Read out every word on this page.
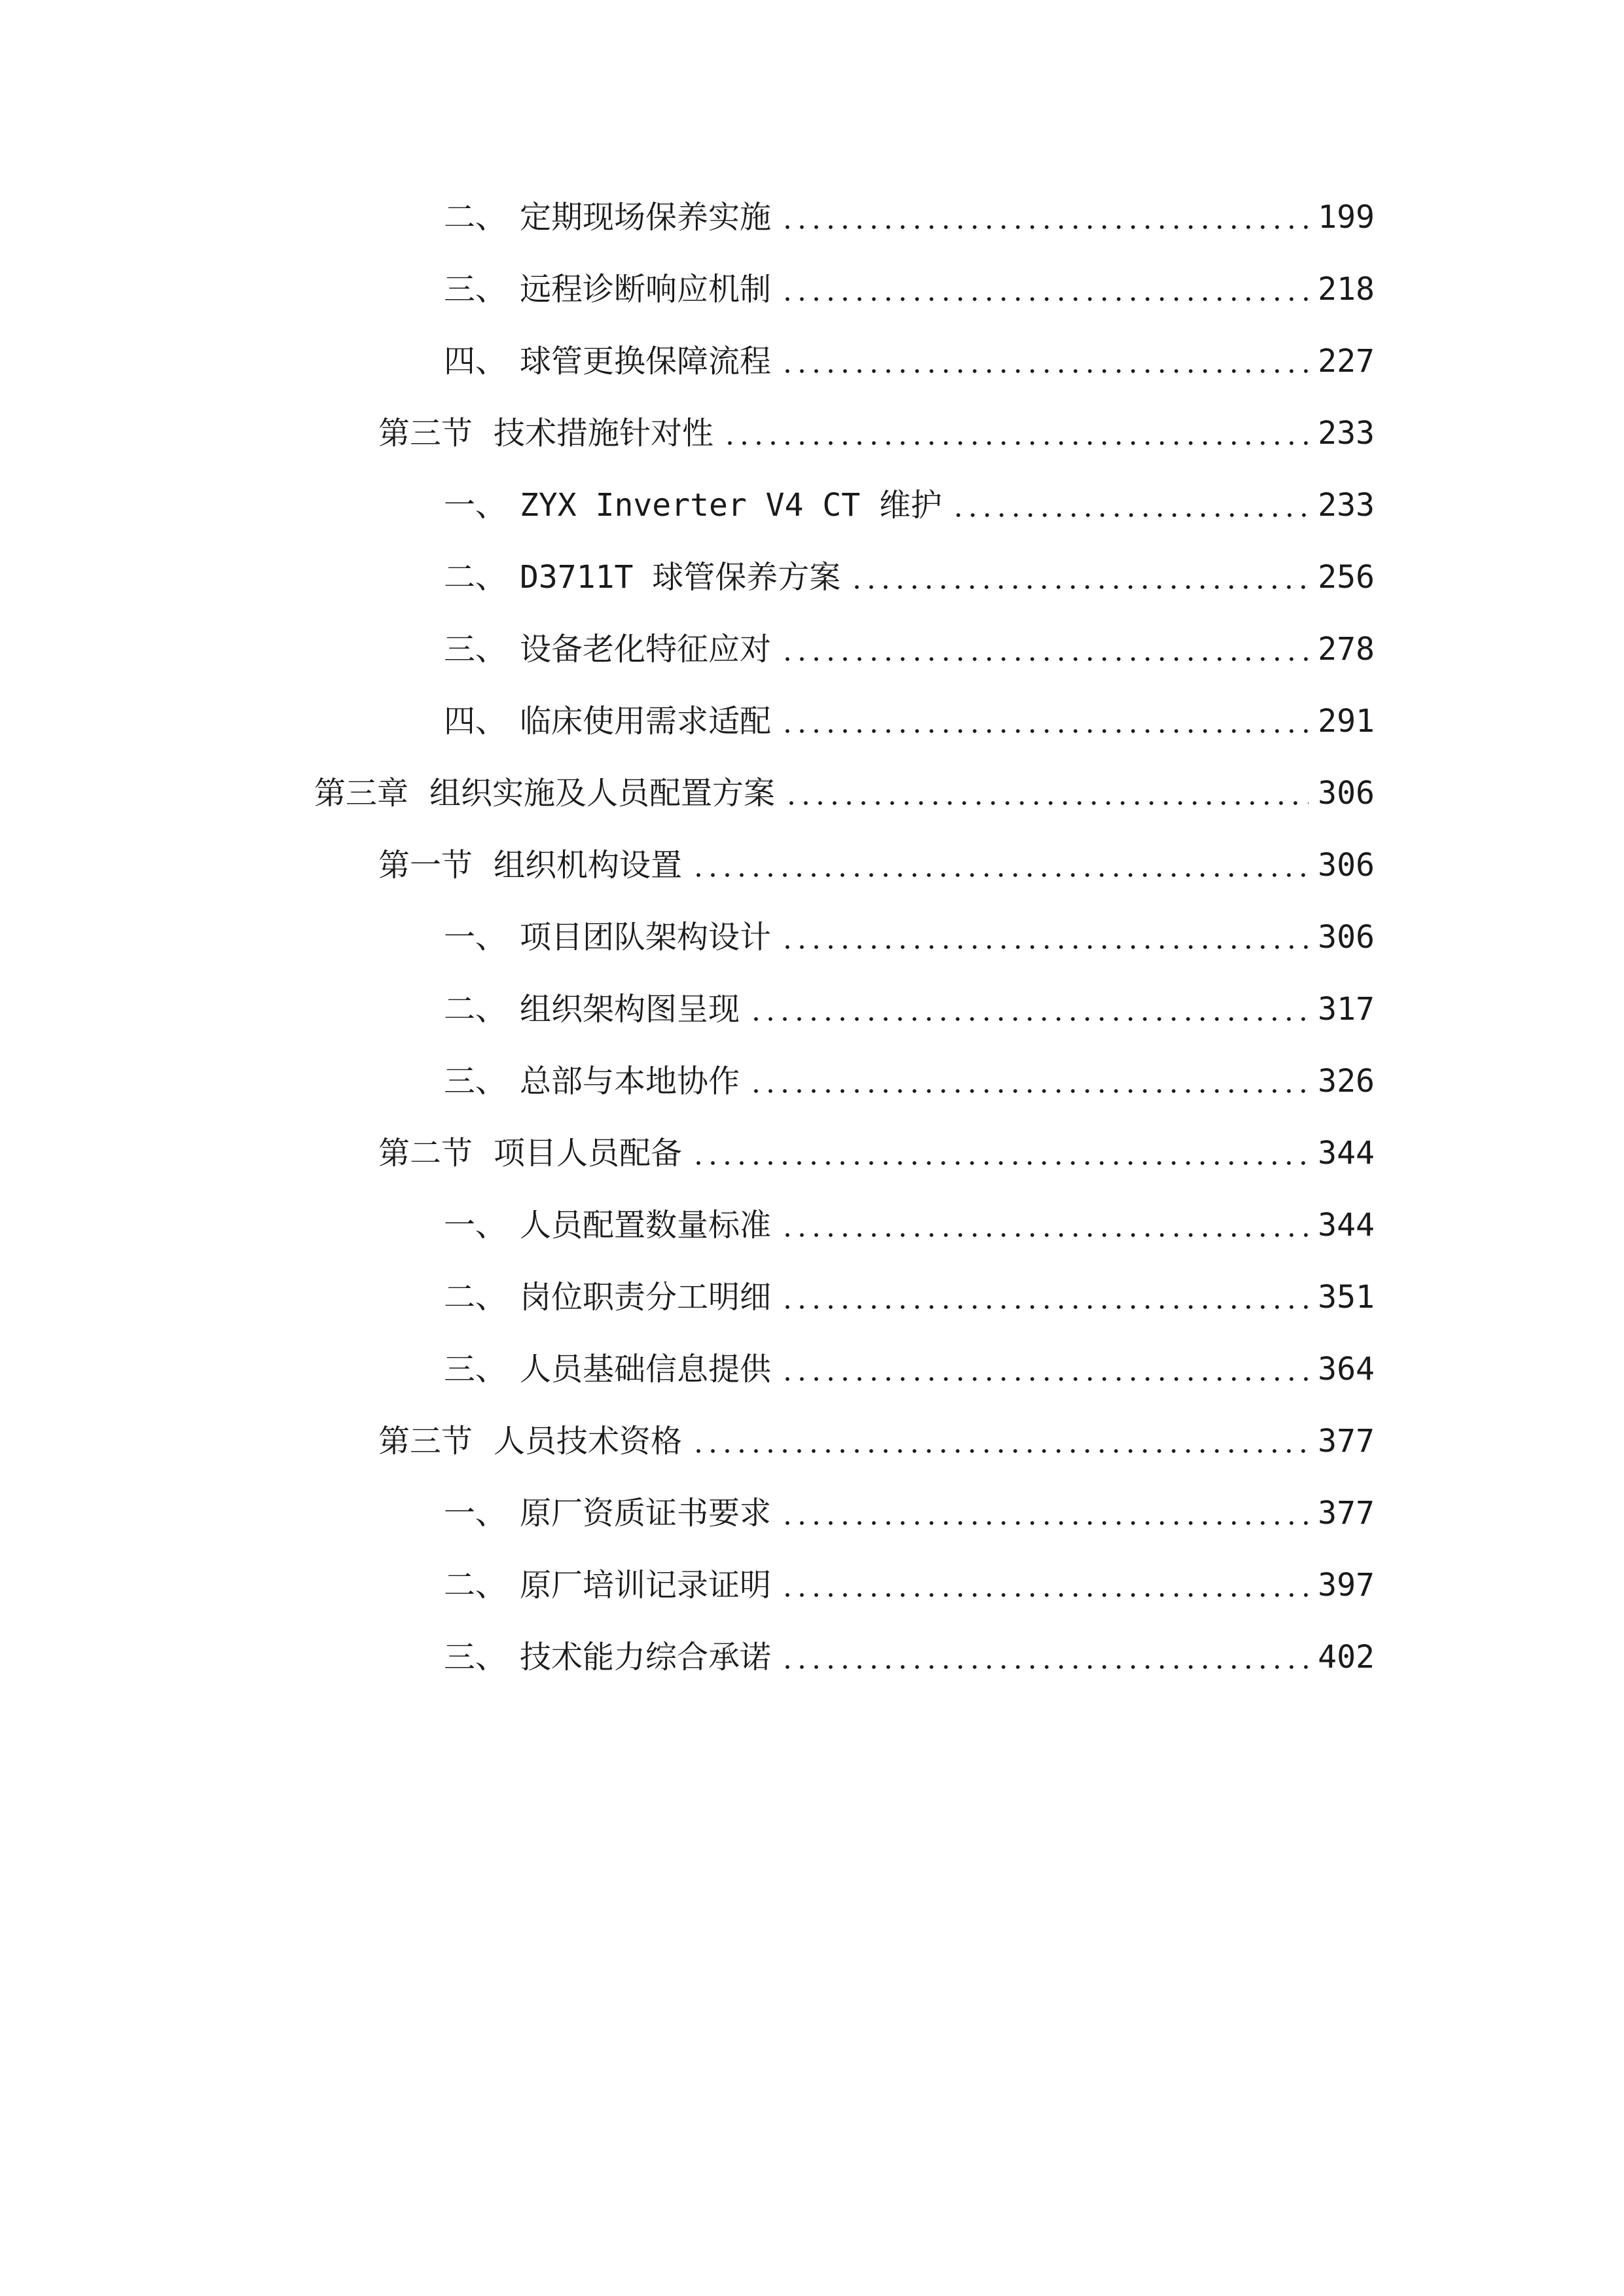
二、 定期现场保养实施	199
三、 远程诊断响应机制	218
四、 球管更换保障流程	227
第三节 技术措施针对性	233
一、 ZYX Inverter V4 CT 维护	233
二、 D3711T 球管保养方案	256
三、 设备老化特征应对	278
四、 临床使用需求适配	291
第三章 组织实施及人员配置方案	306
第一节 组织机构设置	306
一、 项目团队架构设计	306
二、 组织架构图呈现	317
三、 总部与本地协作	326
第二节 项目人员配备	344
一、 人员配置数量标准	344
二、 岗位职责分工明细	351
三、 人员基础信息提供	364
第三节 人员技术资格	377
一、 原厂资质证书要求	377
二、 原厂培训记录证明	397
三、 技术能力综合承诺	402
